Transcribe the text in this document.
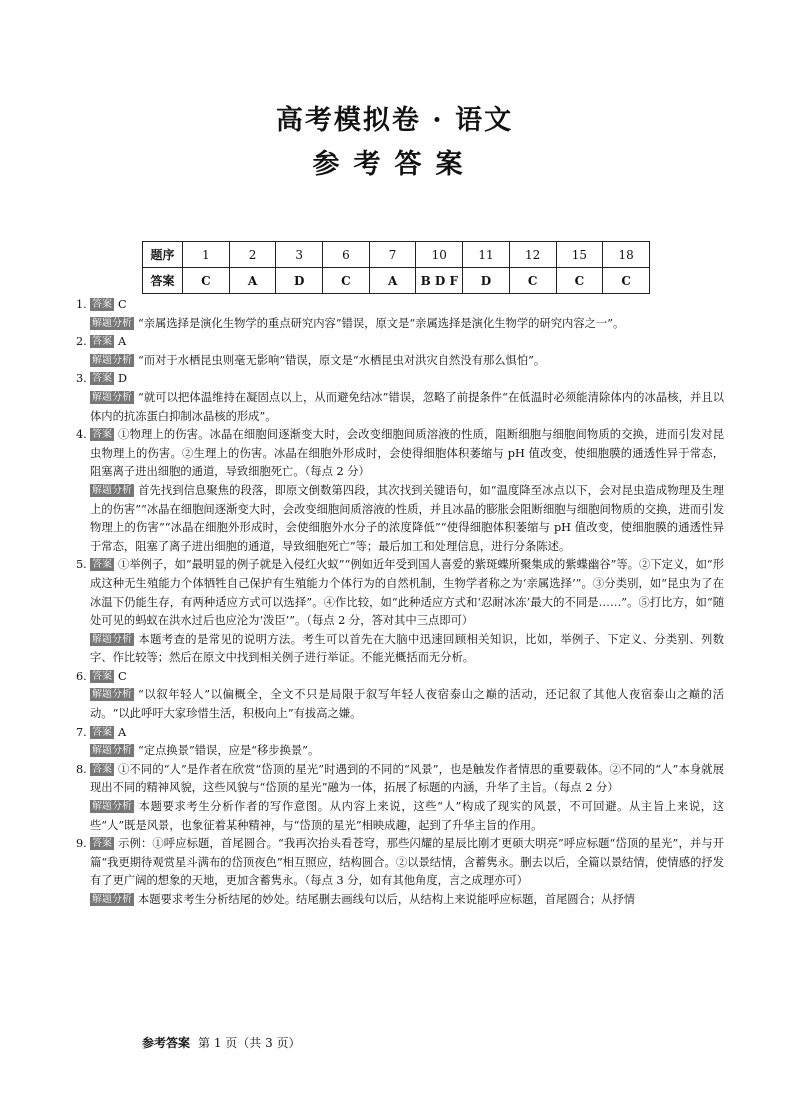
高考模拟卷 · 语文
参考答案
题序	1	2	3	6	7	10	11	12	15	18
答案	C	A	D	C	A	B D F	D	C	C	C
1. 答案 C
解题分析 “亲属选择是演化生物学的重点研究内容”错误，原文是“亲属选择是演化生物学的研究内容之一”。
2. 答案 A
解题分析 “而对于水栖昆虫则毫无影响”错误，原文是“水栖昆虫对洪灾自然没有那么惧怕”。
3. 答案 D
解题分析 “就可以把体温维持在凝固点以上，从而避免结冰”错误，忽略了前提条件“在低温时必须能清除体内的冰晶核，并且以体内的抗冻蛋白抑制冰晶核的形成”。
4. 答案 ①物理上的伤害。冰晶在细胞间逐渐变大时，会改变细胞间质溶液的性质，阻断细胞与细胞间物质的交换，进而引发对昆虫物理上的伤害。②生理上的伤害。冰晶在细胞外形成时，会使得细胞体积萎缩与 pH 值改变，使细胞膜的通透性异于常态，阻塞离子进出细胞的通道，导致细胞死亡。（每点 2 分）
解题分析 首先找到信息聚焦的段落，即原文倒数第四段，其次找到关键语句，如“温度降至冰点以下，会对昆虫造成物理及生理上的伤害”“冰晶在细胞间逐渐变大时，会改变细胞间质溶液的性质，并且冰晶的膨胀会阻断细胞与细胞间物质的交换，进而引发物理上的伤害”“冰晶在细胞外形成时，会使细胞外水分子的浓度降低”“使得细胞体积萎缩与 pH 值改变，使细胞膜的通透性异于常态，阻塞了离子进出细胞的通道，导致细胞死亡”等；最后加工和处理信息，进行分条陈述。
5. 答案 ①举例子，如“最明显的例子就是入侵红火蚁”“例如近年受到国人喜爱的紫斑蝶所聚集成的紫蝶幽谷”等。②下定义，如“形成这种无生殖能力个体牺牲自己保护有生殖能力个体行为的自然机制，生物学者称之为‘亲属选择’”。③分类别，如“昆虫为了在冰温下仍能生存，有两种适应方式可以选择”。④作比较，如“此种适应方式和‘忍耐冰冻’最大的不同是……”。⑤打比方，如“随处可见的蚂蚁在洪水过后也应沦为‘泼臣’”。（每点 2 分，答对其中三点即可）
解题分析 本题考查的是常见的说明方法。考生可以首先在大脑中迅速回顾相关知识，比如，举例子、下定义、分类别、列数字、作比较等；然后在原文中找到相关例子进行举证。不能光概括而无分析。
6. 答案 C
解题分析 “以叙年轻人”以偏概全，全文不只是局限于叙写年轻人夜宿泰山之巅的活动，还记叙了其他人夜宿泰山之巅的活动。“以此呼吁大家珍惜生活，积极向上”有拔高之嫌。
7. 答案 A
解题分析 “定点换景”错误，应是“移步换景”。
8. 答案 ①不同的“人”是作者在欣赏“岱顶的星光”时遇到的不同的“风景”，也是触发作者情思的重要载体。②不同的“人”本身就展现出不同的精神风貌，这些风貌与“岱顶的星光”融为一体，拓展了标题的内涵，升华了主旨。（每点 2 分）
解题分析 本题要求考生分析作者的写作意图。从内容上来说，这些“人”构成了现实的风景，不可回避。从主旨上来说，这些“人”既是风景，也象征着某种精神，与“岱顶的星光”相映成趣，起到了升华主旨的作用。
9. 答案 示例：①呼应标题，首尾圆合。“我再次抬头看苍穹，那些闪耀的星辰比刚才更硕大明亮”呼应标题“岱顶的星光”，并与开篇“我更期待观赏星斗满布的岱顶夜色”相互照应，结构圆合。②以景结情，含蓄隽永。删去以后，全篇以景结情，使情感的抒发有了更广阔的想象的天地，更加含蓄隽永。（每点 3 分，如有其他角度，言之成理亦可）
解题分析 本题要求考生分析结尾的妙处。结尾删去画线句以后，从结构上来说能呼应标题，首尾圆合；从抒情
参考答案 第 1 页（共 3 页）
